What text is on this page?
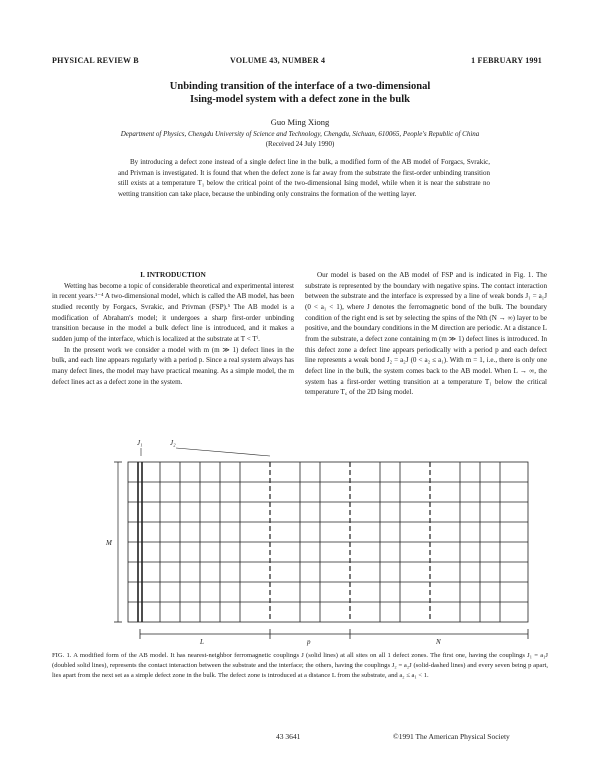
PHYSICAL REVIEW B	VOLUME 43, NUMBER 4	1 FEBRUARY 1991
Unbinding transition of the interface of a two-dimensional
Ising-model system with a defect zone in the bulk
Guo Ming Xiong
Department of Physics, Chengdu University of Science and Technology, Chengdu, Sichuan, 610065, People's Republic of China
(Received 24 July 1990)

By introducing a defect zone instead of a single defect line in the bulk, a modified form of the AB model of Forgacs, Svrakic, and Privman is investigated. It is found that when the defect zone is far away from the substrate the first-order unbinding transition still exists at a temperature T₁ below the critical point of the two-dimensional Ising model, while when it is near the substrate no wetting transition can take place, because the unbinding only constrains the formation of the wetting layer.

I. INTRODUCTION

Wetting has become a topic of considerable theoretical and experimental interest in recent years.¹⁻⁴ A two-dimensional model, which is called the AB model, has been studied recently by Forgacs, Svrakic, and Privman (FSP).⁵ The AB model is a modification of Abraham's model; it undergoes a sharp first-order unbinding transition because in the model a bulk defect line is introduced, and it makes a sudden jump of the interface, which is localized at the substrate at T < Tⁱ.

In the present work we consider a model with m (m ≫ 1) defect lines in the bulk, and each line appears regularly with a period p. Since a real system always has many defect lines, the model may have practical meaning. As a simple model, the m defect lines act as a defect zone in the system.

Our model is based on the AB model of FSP and is indicated in Fig. 1. The substrate is represented by the boundary with negative spins. The contact interaction between the substrate and the interface is expressed by a line of weak bonds J₁ = a₁J (0 < a₁ < 1), where J denotes the ferromagnetic bond of the bulk. The boundary condition of the right end is set by selecting the spins of the Nth (N → ∞) layer to be positive, and the boundary conditions in the M direction are periodic. At a distance L from the substrate, a defect zone containing m (m ≫ 1) defect lines is introduced. In this defect zone a defect line appears periodically with a period p and each defect line represents a weak bond J₂ = a₂J (0 < a₂ ≤ a₁). With m = 1, i.e., there is only one defect line in the bulk, the system comes back to the AB model. When L → ∞, the system has a first-order wetting transition at a temperature T₁ below the critical temperature T꜀ of the 2D Ising model.

J₁	J₂
L	p	N
M

FIG. 1. A modified form of the AB model. It has nearest-neighbor ferromagnetic couplings J (solid lines) at all sites on all 1 defect zones. The first one, having the couplings J₁ = a₁J (doubled solid lines), represents the contact interaction between the substrate and the interface; the others, having the couplings J₂ = a₂J (solid-dashed lines) and every seven being p apart, lies apart from the next set as a simple defect zone in the bulk. The defect zone is introduced at a distance L from the substrate, and a₂ ≤ a₁ < 1.

43 3641	©1991 The American Physical Society
